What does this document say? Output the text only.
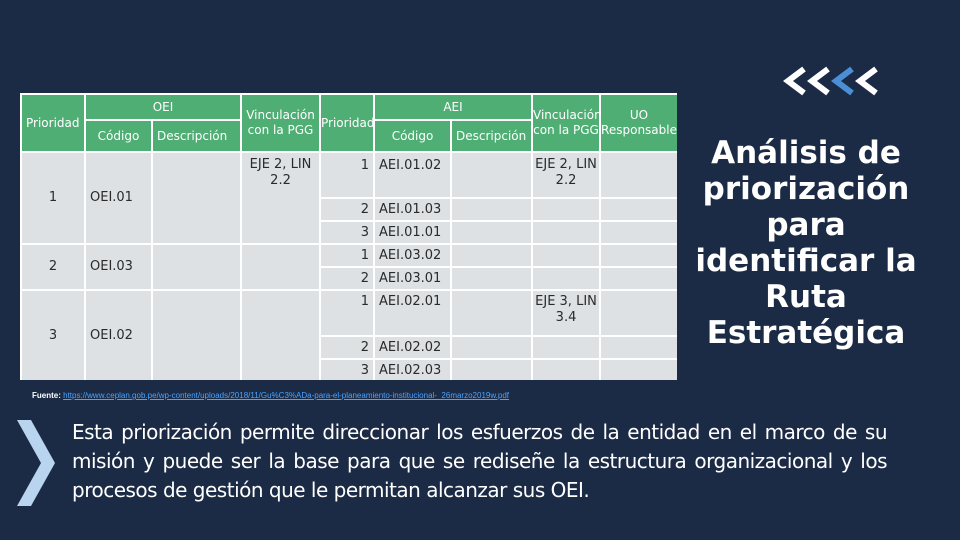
Análisis de priorización para identificar la Ruta Estratégica
Prioridad	OEI		Vinculación con la PGG	Prioridad	AEI		Vinculación con la PGG	UO Responsable
	Código	Descripción			Código	Descripción		
1	OEI.01		EJE 2, LIN 2.2	1	AEI.01.02		EJE 2, LIN 2.2	
				2	AEI.01.03			
				3	AEI.01.01			
2	OEI.03			1	AEI.03.02			
				2	AEI.03.01			
3	OEI.02			1	AEI.02.01		EJE 3, LIN 3.4	
				2	AEI.02.02			
				3	AEI.02.03			
Fuente: https://www.ceplan.gob.pe/wp-content/uploads/2018/11/Gu%C3%ADa-para-el-planeamiento-institucional-_26marzo2019w.pdf
Esta priorización permite direccionar los esfuerzos de la entidad en el marco de su misión y puede ser la base para que se rediseñe la estructura organizacional y los procesos de gestión que le permitan alcanzar sus OEI.
